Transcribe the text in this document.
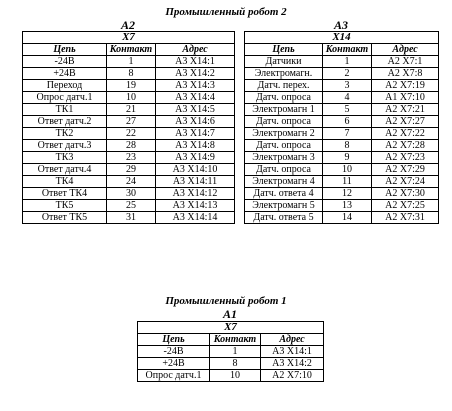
Промышленный робот 2
А2
Х7		
Цепь	Контакт	Адрес
-24В	1	А3 Х14:1
+24В	8	А3 Х14:2
Переход	19	А3 Х14:3
Опрос датч.1	10	А3 Х14:4
ТК1	21	А3 Х14:5
Ответ датч.2	27	А3 Х14:6
ТК2	22	А3 Х14:7
Ответ датч.3	28	А3 Х14:8
ТК3	23	А3 Х14:9
Ответ датч.4	29	А3 Х14:10
ТК4	24	А3 Х14:11
Ответ ТК4	30	А3 Х14:12
ТК5	25	А3 Х14:13
Ответ ТК5	31	А3 Х14:14
А3
Х14		
Цепь	Контакт	Адрес
Датчики	1	А2 Х7:1
Электромагн.	2	А2 Х7:8
Датч. перех.	3	А2 Х7:19
Датч. опроса	4	А1 Х7:10
Электромагн 1	5	А2 Х7:21
Датч. опроса	6	А2 Х7:27
Электромагн 2	7	А2 Х7:22
Датч. опроса	8	А2 Х7:28
Электромагн 3	9	А2 Х7:23
Датч. опроса	10	А2 Х7:29
Электромагн 4	11	А2 Х7:24
Датч. ответа 4	12	А2 Х7:30
Электромагн 5	13	А2 Х7:25
Датч. ответа 5	14	А2 Х7:31
Промышленный робот 1
А1
Х7		
Цепь	Контакт	Адрес
-24В	1	А3 Х14:1
+24В	8	А3 Х14:2
Опрос датч.1	10	А2 Х7:10
